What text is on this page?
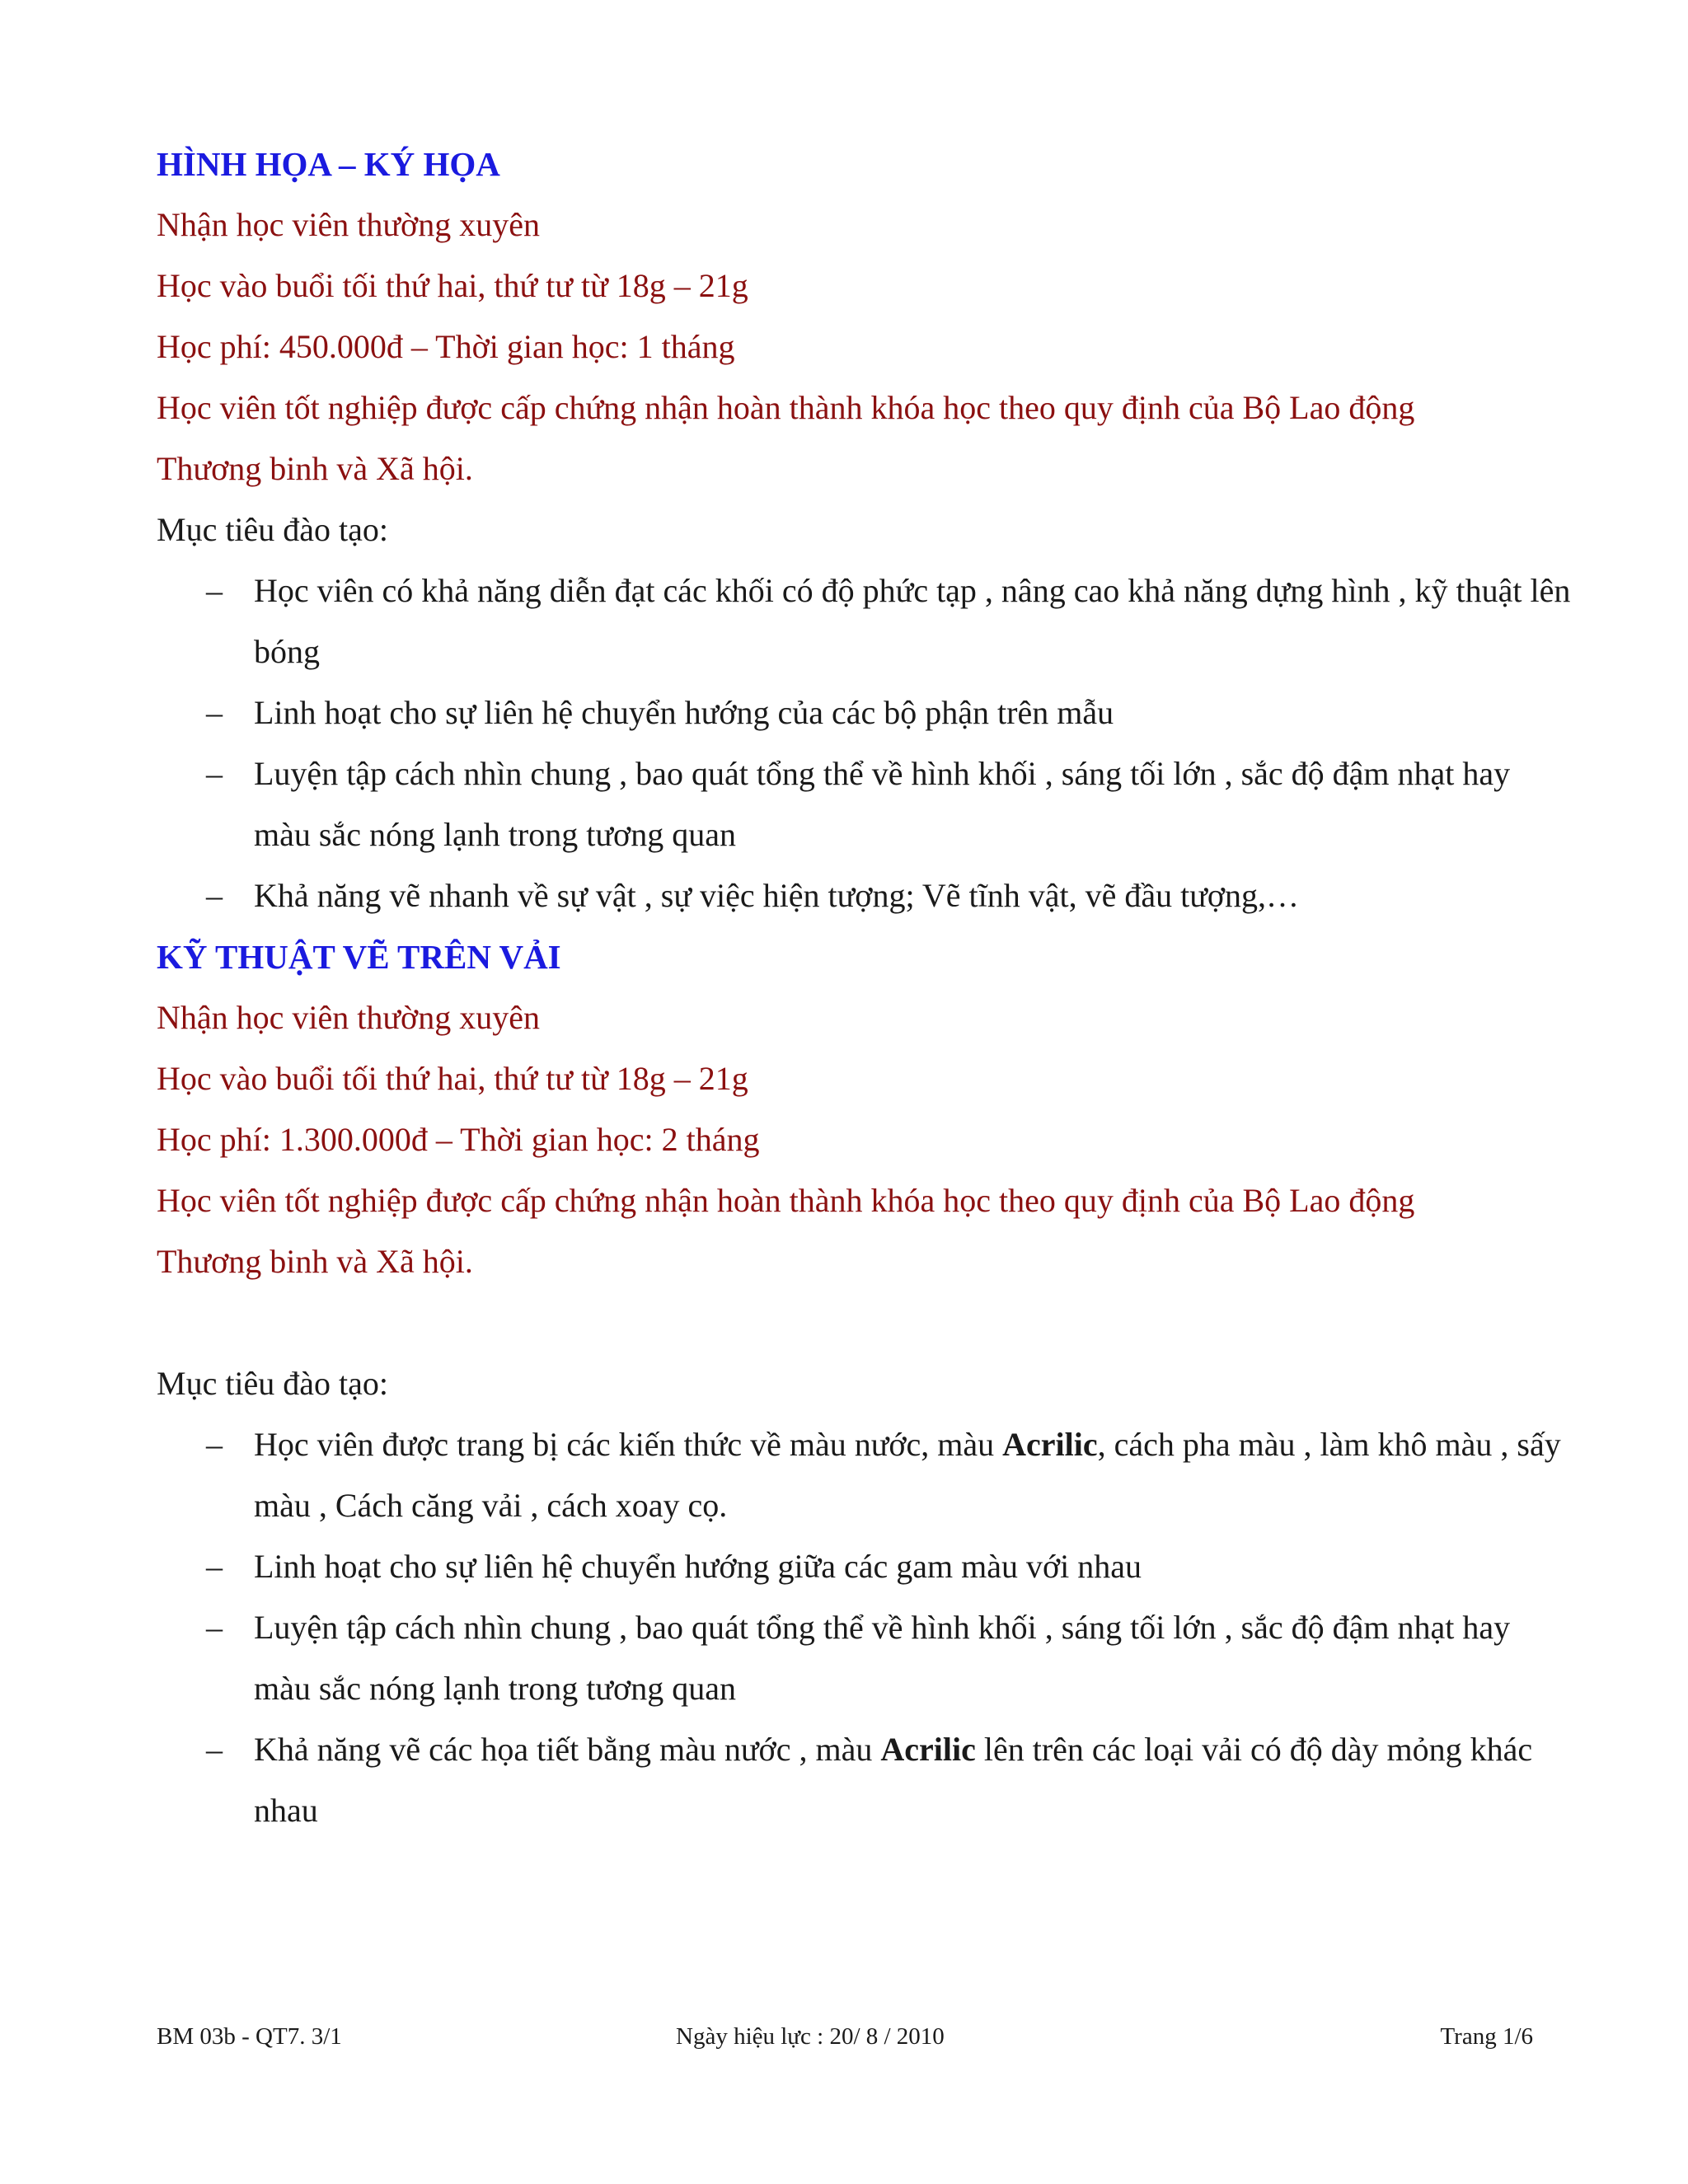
HÌNH HỌA – KÝ HỌA
Nhận học viên thường xuyên
Học vào buổi tối thứ hai, thứ tư từ 18g – 21g
Học phí: 450.000đ – Thời gian học: 1 tháng
Học viên tốt nghiệp được cấp chứng nhận hoàn thành khóa học theo quy định của Bộ Lao động Thương binh và Xã hội.
Mục tiêu đào tạo:
– Học viên có khả năng diễn đạt các khối có độ phức tạp , nâng cao khả năng dựng hình , kỹ thuật lên bóng
– Linh hoạt cho sự liên hệ chuyển hướng của các bộ phận trên mẫu
– Luyện tập cách nhìn chung , bao quát tổng thể về hình khối , sáng tối lớn , sắc độ đậm nhạt hay màu sắc nóng lạnh trong tương quan
– Khả năng vẽ nhanh về sự vật , sự việc hiện tượng; Vẽ tĩnh vật, vẽ đầu tượng,…
KỸ THUẬT VẼ TRÊN VẢI
Nhận học viên thường xuyên
Học vào buổi tối thứ hai, thứ tư từ 18g – 21g
Học phí: 1.300.000đ – Thời gian học: 2 tháng
Học viên tốt nghiệp được cấp chứng nhận hoàn thành khóa học theo quy định của Bộ Lao động Thương binh và Xã hội.
Mục tiêu đào tạo:
– Học viên được trang bị các kiến thức về màu nước, màu Acrilic, cách pha màu , làm khô màu , sấy màu , Cách căng vải , cách xoay cọ.
– Linh hoạt cho sự liên hệ chuyển hướng giữa các gam màu với nhau
– Luyện tập cách nhìn chung , bao quát tổng thể về hình khối , sáng tối lớn , sắc độ đậm nhạt hay màu sắc nóng lạnh trong tương quan
– Khả năng vẽ các họa tiết bằng màu nước , màu Acrilic lên trên các loại vải có độ dày mỏng khác nhau
BM 03b - QT7. 3/1	Ngày hiệu lực : 20/ 8 / 2010	Trang 1/6
